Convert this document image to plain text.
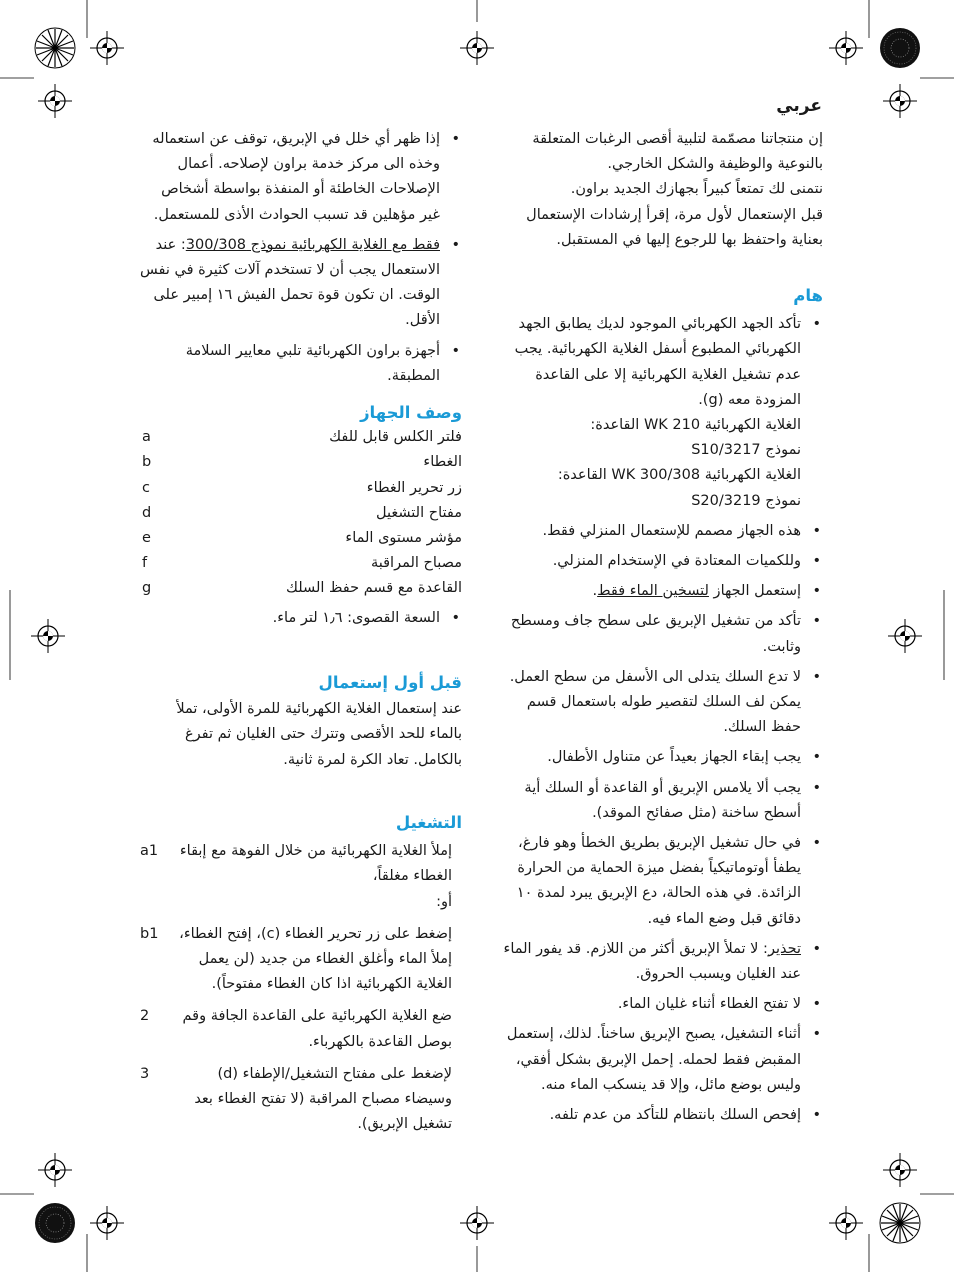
عربي

إن منتجاتنا مصمّمة لتلبية أقصى الرغبات المتعلقة

بالنوعية والوظيفة والشكل الخارجي.

نتمنى لك تمتعاً كبيراً بجهازك الجديد براون.

قبل الإستعمال لأول مرة، إقرأ إرشادات الإستعمال

بعناية واحتفظ بها للرجوع إليها في المستقبل.

هام
• تأكد الجهد الكهربائي الموجود لديك يطابق الجهد الكهربائي المطبوع أسفل الغلاية الكهربائية. يجب عدم تشغيل الغلاية الكهربائية إلا على القاعدة المزودة معه (g).
الغلاية الكهربائية WK 210 القاعدة:
نموذج 3217/S10
الغلاية الكهربائية WK 300/308 القاعدة:
نموذج 3219/S20
• هذه الجهاز مصمم للإستعمال المنزلي فقط.
• وللكميات المعتادة في الإستخدام المنزلي.
• إستعمل الجهاز لتسخين الماء فقط.
• تأكد من تشغيل الإبريق على سطح جاف ومسطح وثابت.
• لا تدع السلك يتدلى الى الأسفل من سطح العمل. يمكن لف السلك لتقصير طوله باستعمال قسم حفظ السلك.
• يجب إبقاء الجهاز بعيداً عن متناول الأطفال.
• يجب ألا يلامس الإبريق أو القاعدة أو السلك أية أسطح ساخنة (مثل صفائح الموقد).
• في حال تشغيل الإبريق بطريق الخطأ وهو فارغ، يطفأ أوتوماتيكياً بفضل ميزة الحماية من الحرارة الزائدة. في هذه الحالة، دع الإبريق يبرد لمدة ١٠ دقائق قبل وضع الماء فيه.
• تحذير: لا تملأ الإبريق أكثر من اللازم. قد يفور الماء عند الغليان ويسبب الحروق.
• لا تفتح الغطاء أثناء غليان الماء.
• أثناء التشغيل، يصبح الإبريق ساخناً. لذلك، إستعمل المقبض فقط لحمله. إحمل الإبريق بشكل أفقي، وليس بوضع مائل، وإلا قد ينسكب الماء منه.
• إفحص السلك بانتظام للتأكد من عدم تلفه.
• إذا ظهر أي خلل في الإبريق، توقف عن استعماله وخذه الى مركز خدمة براون لإصلاحه. أعمال الإصلاحات الخاطئة أو المنفذة بواسطة أشخاص غير مؤهلين قد تسبب الحوادث الأذى للمستعمل.
• فقط مع الغلاية الكهربائية نموذج 300/308: عند الاستعمال يجب أن لا تستخدم آلات كثيرة في نفس الوقت. ان تكون قوة تحمل الفيش ١٦ إمبير على الأقل.
• أجهزة براون الكهربائية تلبي معايير السلامة المطبقة.
وصف الجهاز
a	فلتر الكلس قابل للفك
b	الغطاء
c	زر تحرير الغطاء
d	مفتاح التشغيل
e	مؤشر مستوى الماء
f	مصباح المراقبة
g	القاعدة مع قسم حفظ السلك
• السعة القصوى: ١٫٦ لتر ماء.
قبل أول إستعمال

عند إستعمال الغلاية الكهربائية للمرة الأولى، تملأ بالماء للحد الأقصى وتترك حتى الغليان ثم تفرغ بالكامل. تعاد الكرة لمرة ثانية.

التشغيل
a1	إملأ الغلاية الكهربائية من خلال الفوهة مع إبقاء الغطاء مغلقاً،
أو:
b1	إضغط على زر تحرير الغطاء (c)، إفتح الغطاء، إملأ الماء وأغلق الغطاء من جديد (لن يعمل الغلاية الكهربائية اذا كان الغطاء مفتوحاً).
2	ضع الغلاية الكهربائية على القاعدة الجافة وقم بوصل القاعدة بالكهرباء.
3	لإضغط على مفتاح التشغيل/الإطفاء (d) وسيضاء مصباح المراقبة (لا تفتح الغطاء بعد تشغيل الإبريق).
